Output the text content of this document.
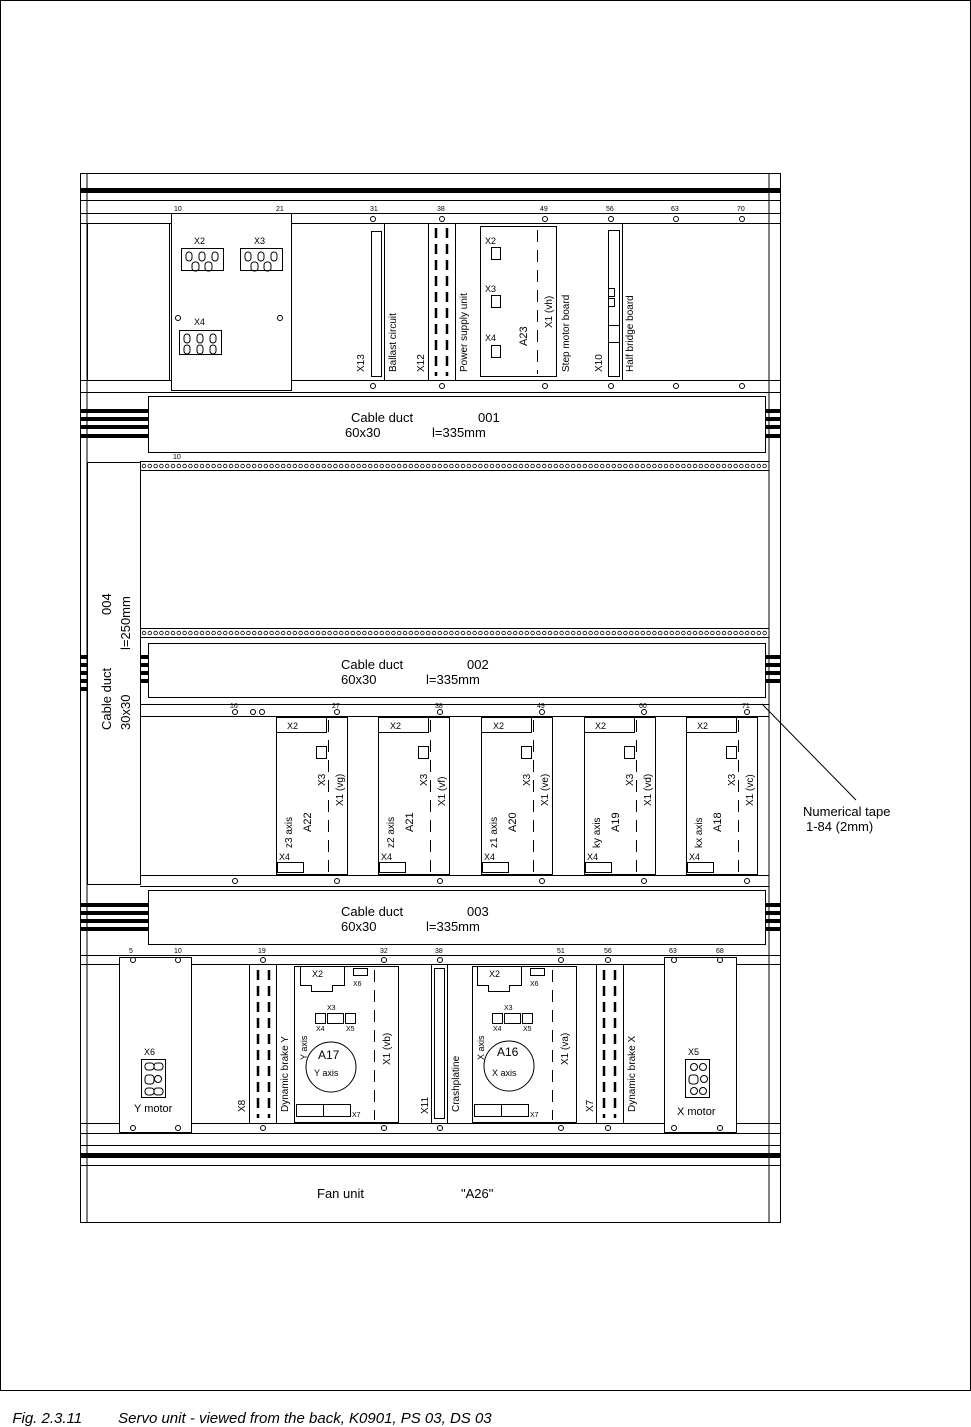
10	21	31	38	49	56	63	70
X2	X3
X4
X13 Ballast circuit X12	Power supply unit
X2
X3
X4 A23
X1 (vh) Step motor board X10 Half bridge board
Cable duct	001
60x30	l=335mm
10
Cable duct
004
30x30
l=250mm
Cable duct	002
60x30	l=335mm
16	27	38	49	60	71
X2
X3 X1 (vg)
z3 axis A22
X4
X2
X3 X1 (vf)
z2 axis A21
X4
X2
X3 X1 (ve)
z1 axis A20
X4
X2
X3 X1 (vd)
ky axis A19
X4
X2
X3 X1 (vc)
kx axis A18
X4
Numerical tape
1-84 (2mm)
Cable duct	003
60x30	l=335mm
5	10	19	32	38	51	56	63	68
X6
Y motor	X8	Dynamic brake Y
X2
X6
X3
X4	X5
A17
Y axis
Y axis	X1 (vb)
X7
X11 Crashplatine
X2
X6
X3
X4	X5
A16
X axis
X axis	X1 (va)
X7
X7	Dynamic brake X	X5
X motor
Fan unit	"A26"

Fig. 2.3.11 Servo unit - viewed from the back, K0901, PS 03, DS 03
